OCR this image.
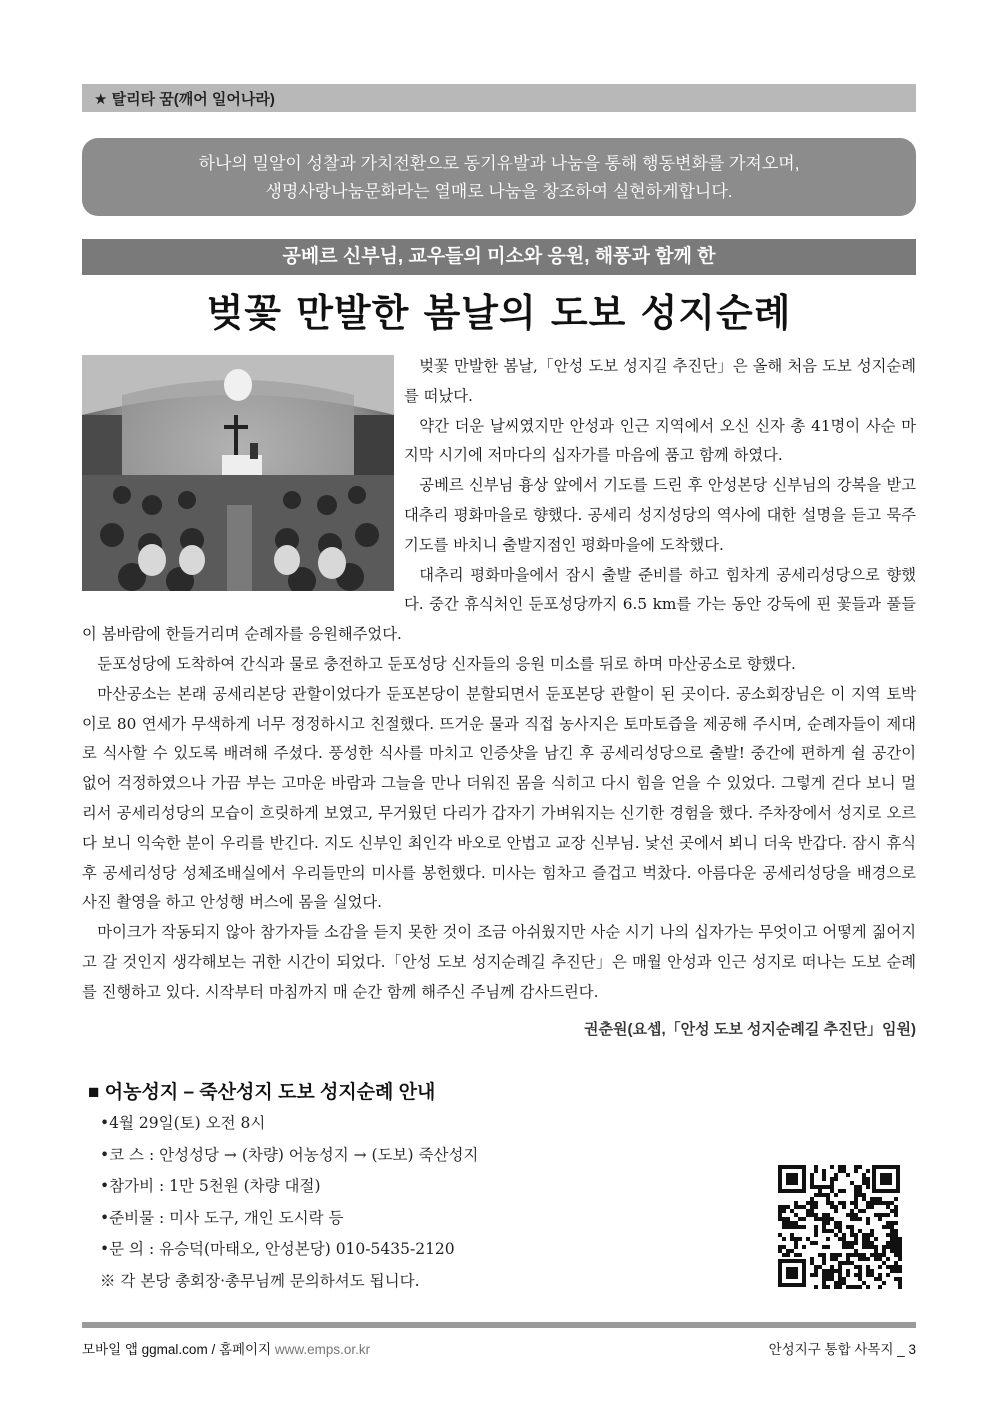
★ 탈리타 꿈(깨어 일어나라)
하나의 밀알이 성찰과 가치전환으로 동기유발과 나눔을 통해 행동변화를 가져오며,
생명사랑나눔문화라는 열매로 나눔을 창조하여 실현하게합니다.
공베르 신부님, 교우들의 미소와 응원, 해풍과 함께 한
벚꽃 만발한 봄날의 도보 성지순례

벚꽃 만발한 봄날,「안성 도보 성지길 추진단」은 올해 처음 도보 성지순례를 떠났다.

약간 더운 날씨였지만 안성과 인근 지역에서 오신 신자 총 41명이 사순 마지막 시기에 저마다의 십자가를 마음에 품고 함께 하였다.

공베르 신부님 흉상 앞에서 기도를 드린 후 안성본당 신부님의 강복을 받고 대추리 평화마을로 향했다. 공세리 성지성당의 역사에 대한 설명을 듣고 묵주기도를 바치니 출발지점인 평화마을에 도착했다.

대추리 평화마을에서 잠시 출발 준비를 하고 힘차게 공세리성당으로 향했다. 중간 휴식처인 둔포성당까지 6.5 km를 가는 동안 강둑에 핀 꽃들과 풀들이 봄바람에 한들거리며 순례자를 응원해주었다.

둔포성당에 도착하여 간식과 물로 충전하고 둔포성당 신자들의 응원 미소를 뒤로 하며 마산공소로 향했다.

마산공소는 본래 공세리본당 관할이었다가 둔포본당이 분할되면서 둔포본당 관할이 된 곳이다. 공소회장님은 이 지역 토박이로 80 연세가 무색하게 너무 정정하시고 친절했다. 뜨거운 물과 직접 농사지은 토마토즙을 제공해 주시며, 순례자들이 제대로 식사할 수 있도록 배려해 주셨다. 풍성한 식사를 마치고 인증샷을 남긴 후 공세리성당으로 출발! 중간에 편하게 쉴 공간이 없어 걱정하였으나 가끔 부는 고마운 바람과 그늘을 만나 더워진 몸을 식히고 다시 힘을 얻을 수 있었다. 그렇게 걷다 보니 멀리서 공세리성당의 모습이 흐릿하게 보였고, 무거웠던 다리가 갑자기 가벼워지는 신기한 경험을 했다. 주차장에서 성지로 오르다 보니 익숙한 분이 우리를 반긴다. 지도 신부인 최인각 바오로 안법고 교장 신부님. 낯선 곳에서 뵈니 더욱 반갑다. 잠시 휴식 후 공세리성당 성체조배실에서 우리들만의 미사를 봉헌했다. 미사는 힘차고 즐겁고 벅찼다. 아름다운 공세리성당을 배경으로 사진 촬영을 하고 안성행 버스에 몸을 실었다.

마이크가 작동되지 않아 참가자들 소감을 듣지 못한 것이 조금 아쉬웠지만 사순 시기 나의 십자가는 무엇이고 어떻게 짊어지고 갈 것인지 생각해보는 귀한 시간이 되었다.「안성 도보 성지순례길 추진단」은 매월 안성과 인근 성지로 떠나는 도보 순례를 진행하고 있다. 시작부터 마침까지 매 순간 함께 해주신 주님께 감사드린다.

권춘원(요셉,「안성 도보 성지순례길 추진단」임원)
■ 어농성지 – 죽산성지 도보 성지순례 안내
•4월 29일(토) 오전 8시
•코 스 : 안성성당 → (차량) 어농성지 → (도보) 죽산성지
•참가비 : 1만 5천원 (차량 대절)
•준비물 : 미사 도구, 개인 도시락 등
•문 의 : 유승덕(마태오, 안성본당) 010-5435-2120
※ 각 본당 총회장·총무님께 문의하셔도 됩니다.
모바일 앱 ggmal.com / 홈페이지 www.emps.or.kr	안성지구 통합 사목지 _ 3
